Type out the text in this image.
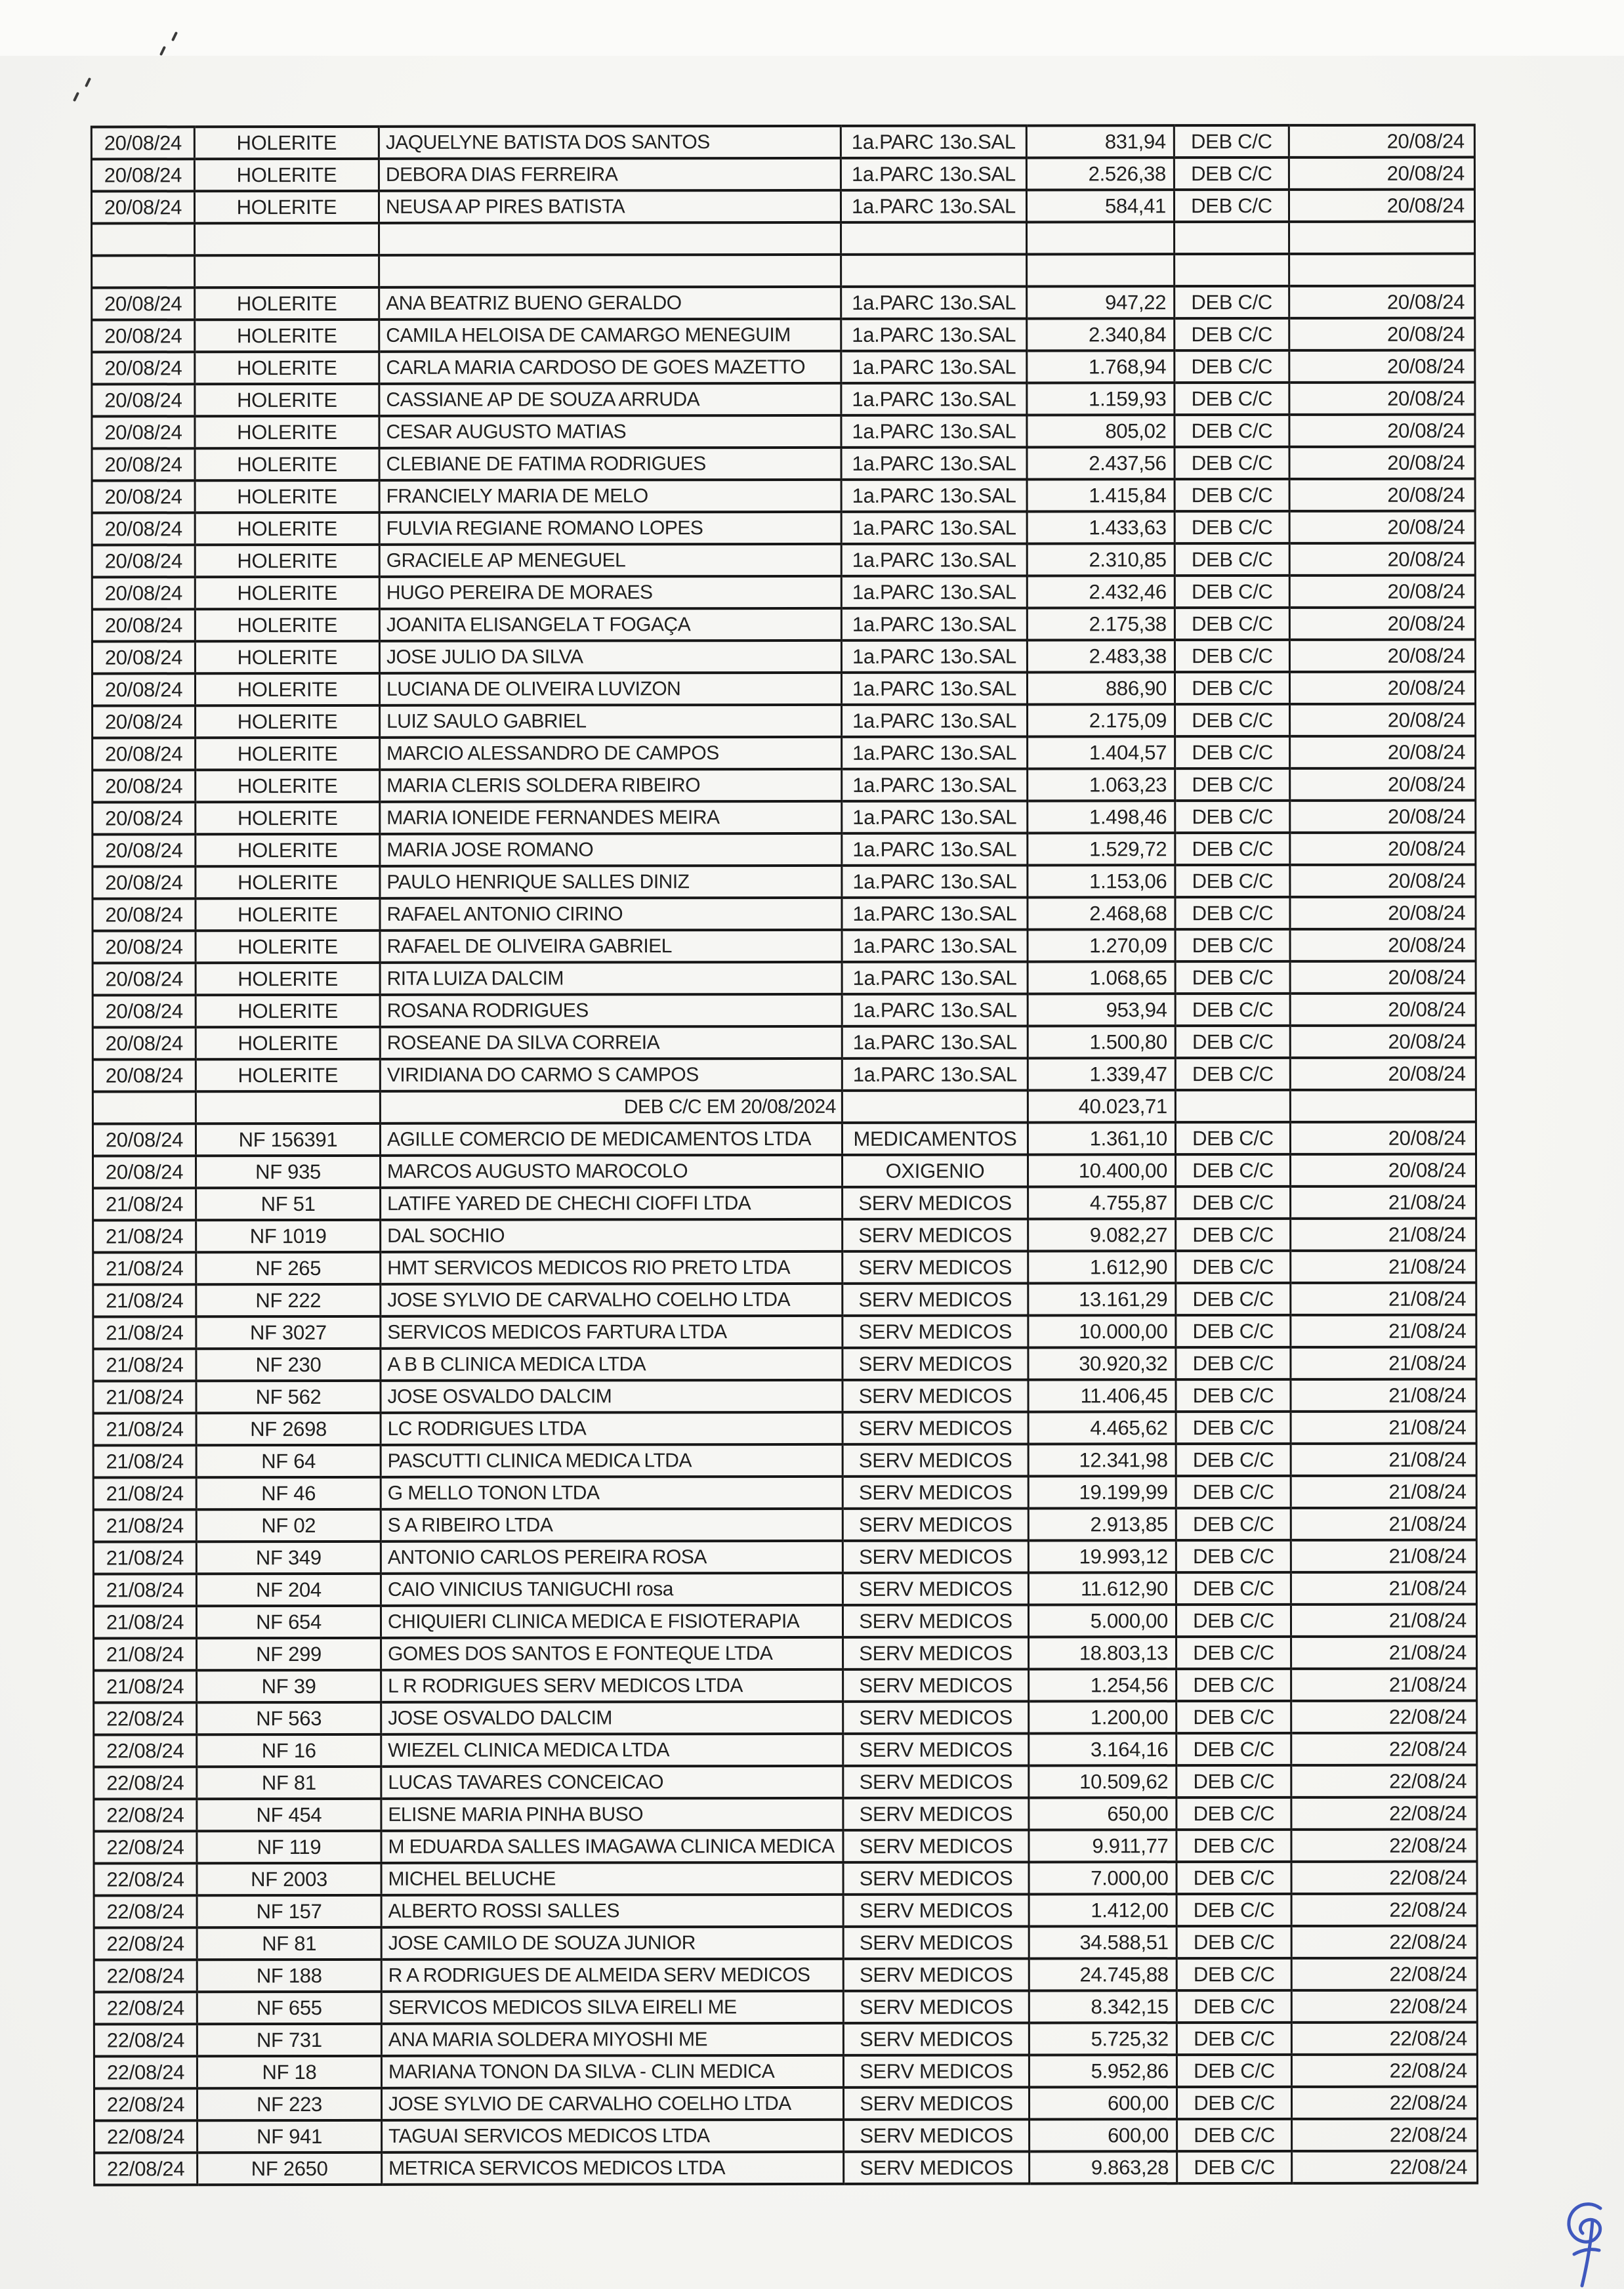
20/08/24	HOLERITE	JAQUELYNE BATISTA DOS SANTOS	1a.PARC 13o.SAL	831,94	DEB C/C	20/08/24
20/08/24	HOLERITE	DEBORA DIAS FERREIRA	1a.PARC 13o.SAL	2.526,38	DEB C/C	20/08/24
20/08/24	HOLERITE	NEUSA AP PIRES BATISTA	1a.PARC 13o.SAL	584,41	DEB C/C	20/08/24

20/08/24	HOLERITE	ANA BEATRIZ BUENO GERALDO	1a.PARC 13o.SAL	947,22	DEB C/C	20/08/24
20/08/24	HOLERITE	CAMILA HELOISA DE CAMARGO MENEGUIM	1a.PARC 13o.SAL	2.340,84	DEB C/C	20/08/24
20/08/24	HOLERITE	CARLA MARIA CARDOSO DE GOES MAZETTO	1a.PARC 13o.SAL	1.768,94	DEB C/C	20/08/24
20/08/24	HOLERITE	CASSIANE AP DE SOUZA ARRUDA	1a.PARC 13o.SAL	1.159,93	DEB C/C	20/08/24
20/08/24	HOLERITE	CESAR AUGUSTO MATIAS	1a.PARC 13o.SAL	805,02	DEB C/C	20/08/24
20/08/24	HOLERITE	CLEBIANE DE FATIMA RODRIGUES	1a.PARC 13o.SAL	2.437,56	DEB C/C	20/08/24
20/08/24	HOLERITE	FRANCIELY MARIA DE MELO	1a.PARC 13o.SAL	1.415,84	DEB C/C	20/08/24
20/08/24	HOLERITE	FULVIA REGIANE ROMANO LOPES	1a.PARC 13o.SAL	1.433,63	DEB C/C	20/08/24
20/08/24	HOLERITE	GRACIELE AP MENEGUEL	1a.PARC 13o.SAL	2.310,85	DEB C/C	20/08/24
20/08/24	HOLERITE	HUGO PEREIRA DE MORAES	1a.PARC 13o.SAL	2.432,46	DEB C/C	20/08/24
20/08/24	HOLERITE	JOANITA ELISANGELA T FOGAÇA	1a.PARC 13o.SAL	2.175,38	DEB C/C	20/08/24
20/08/24	HOLERITE	JOSE JULIO DA SILVA	1a.PARC 13o.SAL	2.483,38	DEB C/C	20/08/24
20/08/24	HOLERITE	LUCIANA DE OLIVEIRA LUVIZON	1a.PARC 13o.SAL	886,90	DEB C/C	20/08/24
20/08/24	HOLERITE	LUIZ SAULO GABRIEL	1a.PARC 13o.SAL	2.175,09	DEB C/C	20/08/24
20/08/24	HOLERITE	MARCIO ALESSANDRO DE CAMPOS	1a.PARC 13o.SAL	1.404,57	DEB C/C	20/08/24
20/08/24	HOLERITE	MARIA CLERIS SOLDERA RIBEIRO	1a.PARC 13o.SAL	1.063,23	DEB C/C	20/08/24
20/08/24	HOLERITE	MARIA IONEIDE FERNANDES MEIRA	1a.PARC 13o.SAL	1.498,46	DEB C/C	20/08/24
20/08/24	HOLERITE	MARIA JOSE ROMANO	1a.PARC 13o.SAL	1.529,72	DEB C/C	20/08/24
20/08/24	HOLERITE	PAULO HENRIQUE SALLES DINIZ	1a.PARC 13o.SAL	1.153,06	DEB C/C	20/08/24
20/08/24	HOLERITE	RAFAEL ANTONIO CIRINO	1a.PARC 13o.SAL	2.468,68	DEB C/C	20/08/24
20/08/24	HOLERITE	RAFAEL DE OLIVEIRA GABRIEL	1a.PARC 13o.SAL	1.270,09	DEB C/C	20/08/24
20/08/24	HOLERITE	RITA LUIZA DALCIM	1a.PARC 13o.SAL	1.068,65	DEB C/C	20/08/24
20/08/24	HOLERITE	ROSANA RODRIGUES	1a.PARC 13o.SAL	953,94	DEB C/C	20/08/24
20/08/24	HOLERITE	ROSEANE DA SILVA CORREIA	1a.PARC 13o.SAL	1.500,80	DEB C/C	20/08/24
20/08/24	HOLERITE	VIRIDIANA DO CARMO S CAMPOS	1a.PARC 13o.SAL	1.339,47	DEB C/C	20/08/24
		DEB C/C EM 20/08/2024		40.023,71		
20/08/24	NF 156391	AGILLE COMERCIO DE MEDICAMENTOS LTDA	MEDICAMENTOS	1.361,10	DEB C/C	20/08/24
20/08/24	NF 935	MARCOS AUGUSTO MAROCOLO	OXIGENIO	10.400,00	DEB C/C	20/08/24
21/08/24	NF 51	LATIFE YARED DE CHECHI CIOFFI LTDA	SERV MEDICOS	4.755,87	DEB C/C	21/08/24
21/08/24	NF 1019	DAL SOCHIO	SERV MEDICOS	9.082,27	DEB C/C	21/08/24
21/08/24	NF 265	HMT SERVICOS MEDICOS RIO PRETO LTDA	SERV MEDICOS	1.612,90	DEB C/C	21/08/24
21/08/24	NF 222	JOSE SYLVIO DE CARVALHO COELHO LTDA	SERV MEDICOS	13.161,29	DEB C/C	21/08/24
21/08/24	NF 3027	SERVICOS MEDICOS FARTURA LTDA	SERV MEDICOS	10.000,00	DEB C/C	21/08/24
21/08/24	NF 230	A B B CLINICA MEDICA LTDA	SERV MEDICOS	30.920,32	DEB C/C	21/08/24
21/08/24	NF 562	JOSE OSVALDO DALCIM	SERV MEDICOS	11.406,45	DEB C/C	21/08/24
21/08/24	NF 2698	LC RODRIGUES LTDA	SERV MEDICOS	4.465,62	DEB C/C	21/08/24
21/08/24	NF 64	PASCUTTI CLINICA MEDICA LTDA	SERV MEDICOS	12.341,98	DEB C/C	21/08/24
21/08/24	NF 46	G MELLO TONON LTDA	SERV MEDICOS	19.199,99	DEB C/C	21/08/24
21/08/24	NF 02	S A RIBEIRO LTDA	SERV MEDICOS	2.913,85	DEB C/C	21/08/24
21/08/24	NF 349	ANTONIO CARLOS PEREIRA ROSA	SERV MEDICOS	19.993,12	DEB C/C	21/08/24
21/08/24	NF 204	CAIO VINICIUS TANIGUCHI rosa	SERV MEDICOS	11.612,90	DEB C/C	21/08/24
21/08/24	NF 654	CHIQUIERI CLINICA MEDICA E FISIOTERAPIA	SERV MEDICOS	5.000,00	DEB C/C	21/08/24
21/08/24	NF 299	GOMES DOS SANTOS E FONTEQUE LTDA	SERV MEDICOS	18.803,13	DEB C/C	21/08/24
21/08/24	NF 39	L R RODRIGUES SERV MEDICOS LTDA	SERV MEDICOS	1.254,56	DEB C/C	21/08/24
22/08/24	NF 563	JOSE OSVALDO DALCIM	SERV MEDICOS	1.200,00	DEB C/C	22/08/24
22/08/24	NF 16	WIEZEL CLINICA MEDICA LTDA	SERV MEDICOS	3.164,16	DEB C/C	22/08/24
22/08/24	NF 81	LUCAS TAVARES CONCEICAO	SERV MEDICOS	10.509,62	DEB C/C	22/08/24
22/08/24	NF 454	ELISNE MARIA PINHA BUSO	SERV MEDICOS	650,00	DEB C/C	22/08/24
22/08/24	NF 119	M EDUARDA SALLES IMAGAWA CLINICA MEDICA	SERV MEDICOS	9.911,77	DEB C/C	22/08/24
22/08/24	NF 2003	MICHEL BELUCHE	SERV MEDICOS	7.000,00	DEB C/C	22/08/24
22/08/24	NF 157	ALBERTO ROSSI SALLES	SERV MEDICOS	1.412,00	DEB C/C	22/08/24
22/08/24	NF 81	JOSE CAMILO DE SOUZA JUNIOR	SERV MEDICOS	34.588,51	DEB C/C	22/08/24
22/08/24	NF 188	R A RODRIGUES DE ALMEIDA SERV MEDICOS	SERV MEDICOS	24.745,88	DEB C/C	22/08/24
22/08/24	NF 655	SERVICOS MEDICOS SILVA EIRELI ME	SERV MEDICOS	8.342,15	DEB C/C	22/08/24
22/08/24	NF 731	ANA MARIA SOLDERA MIYOSHI ME	SERV MEDICOS	5.725,32	DEB C/C	22/08/24
22/08/24	NF 18	MARIANA TONON DA SILVA - CLIN MEDICA	SERV MEDICOS	5.952,86	DEB C/C	22/08/24
22/08/24	NF 223	JOSE SYLVIO DE CARVALHO COELHO LTDA	SERV MEDICOS	600,00	DEB C/C	22/08/24
22/08/24	NF 941	TAGUAI SERVICOS MEDICOS LTDA	SERV MEDICOS	600,00	DEB C/C	22/08/24
22/08/24	NF 2650	METRICA SERVICOS MEDICOS LTDA	SERV MEDICOS	9.863,28	DEB C/C	22/08/24
